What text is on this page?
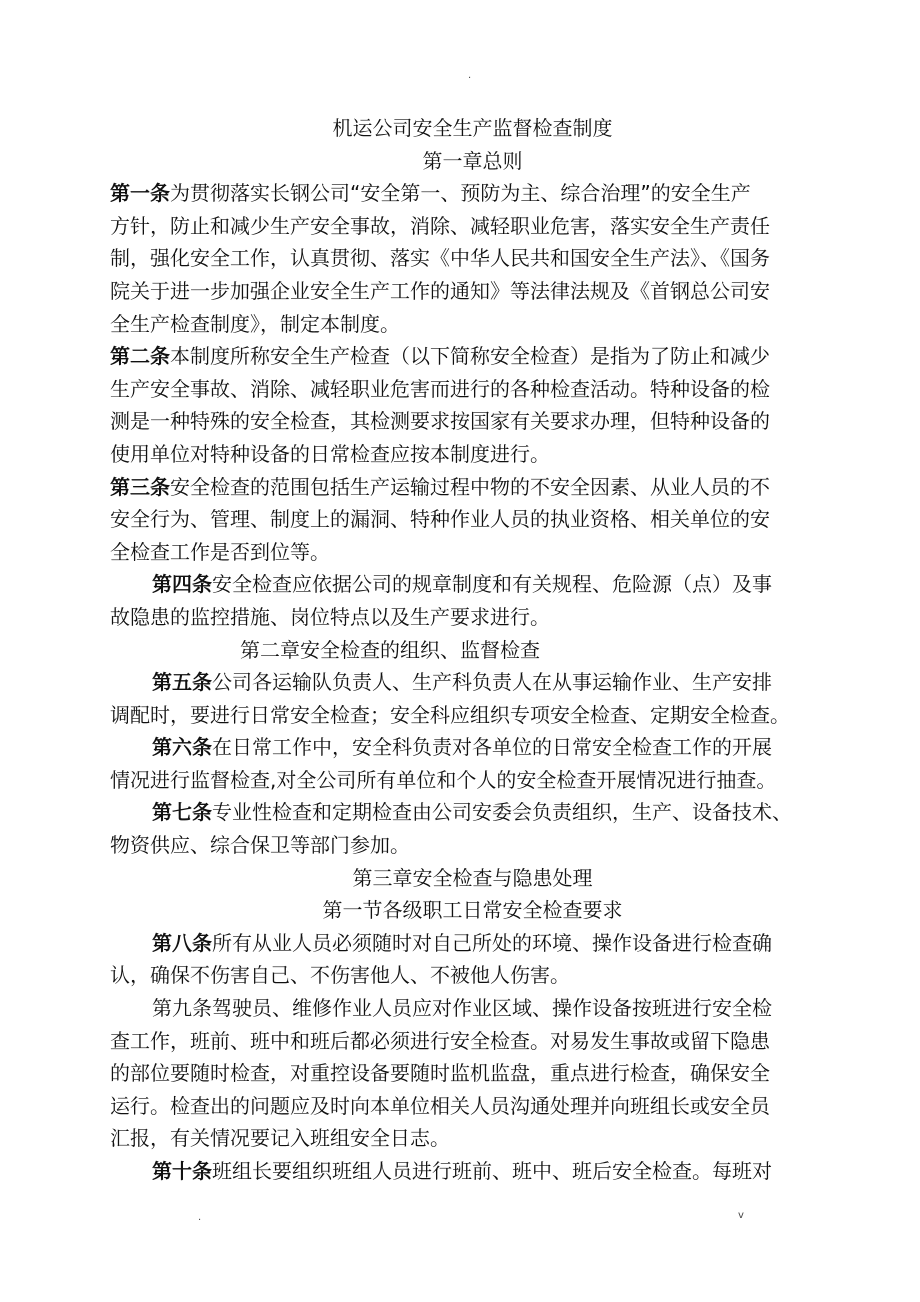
.
机运公司安全生产监督检查制度
第一章总则
第一条为贯彻落实长钢公司“安全第一、预防为主、综合治理”的安全生产
方针，防止和减少生产安全事故，消除、减轻职业危害，落实安全生产责任
制，强化安全工作，认真贯彻、落实《中华人民共和国安全生产法》、《国务
院关于进一步加强企业安全生产工作的通知》等法律法规及《首钢总公司安
全生产检查制度》，制定本制度。
第二条本制度所称安全生产检查（以下简称安全检查）是指为了防止和减少
生产安全事故、消除、减轻职业危害而进行的各种检查活动。特种设备的检
测是一种特殊的安全检查，其检测要求按国家有关要求办理，但特种设备的
使用单位对特种设备的日常检查应按本制度进行。
第三条安全检查的范围包括生产运输过程中物的不安全因素、从业人员的不
安全行为、管理、制度上的漏洞、特种作业人员的执业资格、相关单位的安
全检查工作是否到位等。
第四条安全检查应依据公司的规章制度和有关规程、危险源（点）及事
故隐患的监控措施、岗位特点以及生产要求进行。
第二章安全检查的组织、监督检查
第五条公司各运输队负责人、生产科负责人在从事运输作业、生产安排
调配时，要进行日常安全检查；安全科应组织专项安全检查、定期安全检查。
第六条在日常工作中，安全科负责对各单位的日常安全检查工作的开展
情况进行监督检查,对全公司所有单位和个人的安全检查开展情况进行抽查。
第七条专业性检查和定期检查由公司安委会负责组织，生产、设备技术、
物资供应、综合保卫等部门参加。
第三章安全检查与隐患处理
第一节各级职工日常安全检查要求
第八条所有从业人员必须随时对自己所处的环境、操作设备进行检查确
认，确保不伤害自己、不伤害他人、不被他人伤害。
第九条驾驶员、维修作业人员应对作业区域、操作设备按班进行安全检
查工作，班前、班中和班后都必须进行安全检查。对易发生事故或留下隐患
的部位要随时检查，对重控设备要随时监机监盘，重点进行检查，确保安全
运行。检查出的问题应及时向本单位相关人员沟通处理并向班组长或安全员
汇报，有关情况要记入班组安全日志。
第十条班组长要组织班组人员进行班前、班中、班后安全检查。每班对
.	v
